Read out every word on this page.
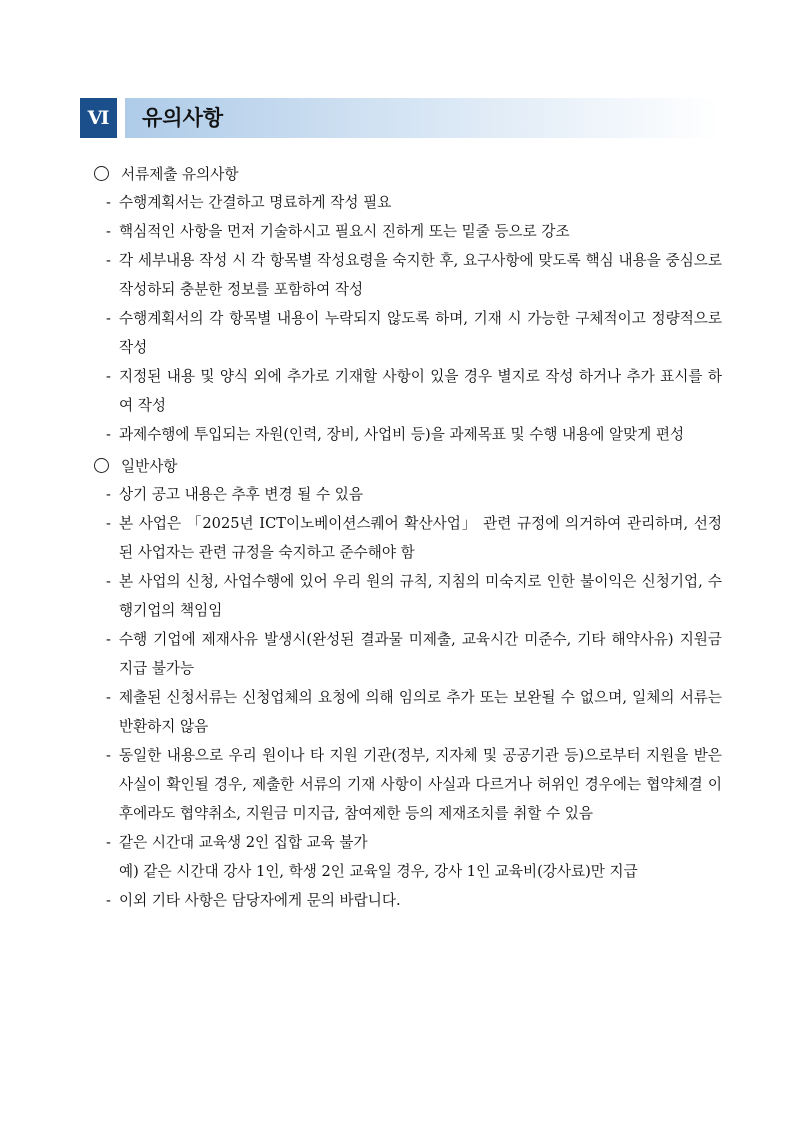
Ⅵ	유의사항
서류제출 유의사항
- 수행계획서는 간결하고 명료하게 작성 필요
- 핵심적인 사항을 먼저 기술하시고 필요시 진하게 또는 밑줄 등으로 강조
- 각 세부내용 작성 시 각 항목별 작성요령을 숙지한 후, 요구사항에 맞도록 핵심 내용을 중심으로 작성하되 충분한 정보를 포함하여 작성
- 수행계획서의 각 항목별 내용이 누락되지 않도록 하며, 기재 시 가능한 구체적이고 정량적으로 작성
- 지정된 내용 및 양식 외에 추가로 기재할 사항이 있을 경우 별지로 작성 하거나 추가 표시를 하여 작성
- 과제수행에 투입되는 자원(인력, 장비, 사업비 등)을 과제목표 및 수행 내용에 알맞게 편성
일반사항
- 상기 공고 내용은 추후 변경 될 수 있음
- 본 사업은 「2025년 ICT이노베이션스퀘어 확산사업」 관련 규정에 의거하여 관리하며, 선정된 사업자는 관련 규정을 숙지하고 준수해야 함
- 본 사업의 신청, 사업수행에 있어 우리 원의 규칙, 지침의 미숙지로 인한 불이익은 신청기업, 수행기업의 책임임
- 수행 기업에 제재사유 발생시(완성된 결과물 미제출, 교육시간 미준수, 기타 해약사유) 지원금 지급 불가능
- 제출된 신청서류는 신청업체의 요청에 의해 임의로 추가 또는 보완될 수 없으며, 일체의 서류는 반환하지 않음
- 동일한 내용으로 우리 원이나 타 지원 기관(정부, 지자체 및 공공기관 등)으로부터 지원을 받은 사실이 확인될 경우, 제출한 서류의 기재 사항이 사실과 다르거나 허위인 경우에는 협약체결 이후에라도 협약취소, 지원금 미지급, 참여제한 등의 제재조치를 취할 수 있음
- 같은 시간대 교육생 2인 집합 교육 불가
예) 같은 시간대 강사 1인, 학생 2인 교육일 경우, 강사 1인 교육비(강사료)만 지급
- 이외 기타 사항은 담당자에게 문의 바랍니다.
